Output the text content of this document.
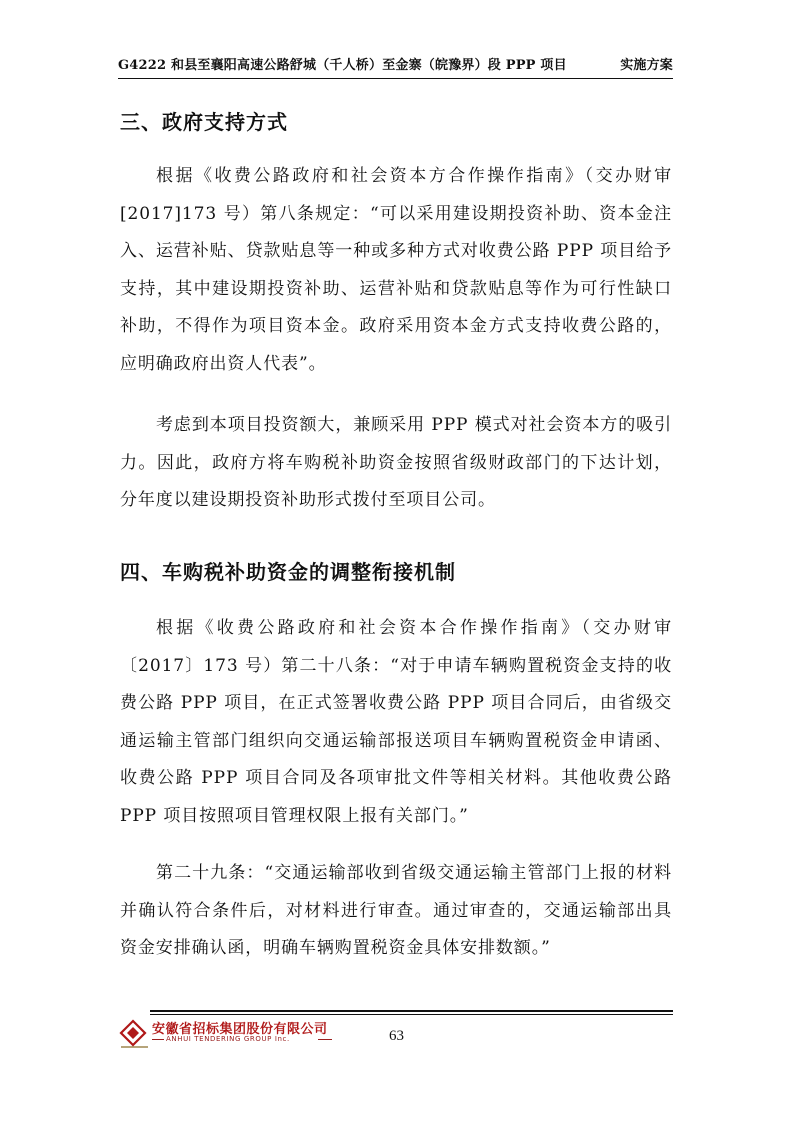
G4222 和县至襄阳高速公路舒城（千人桥）至金寨（皖豫界）段 PPP 项目	实施方案
三、政府支持方式

根据《收费公路政府和社会资本方合作操作指南》（交办财审[2017]173 号）第八条规定：“可以采用建设期投资补助、资本金注入、运营补贴、贷款贴息等一种或多种方式对收费公路 PPP 项目给予支持，其中建设期投资补助、运营补贴和贷款贴息等作为可行性缺口补助，不得作为项目资本金。政府采用资本金方式支持收费公路的，应明确政府出资人代表”。

考虑到本项目投资额大，兼顾采用 PPP 模式对社会资本方的吸引力。因此，政府方将车购税补助资金按照省级财政部门的下达计划，分年度以建设期投资补助形式拨付至项目公司。

四、车购税补助资金的调整衔接机制

根据《收费公路政府和社会资本合作操作指南》（交办财审〔2017〕173 号）第二十八条：“对于申请车辆购置税资金支持的收费公路 PPP 项目，在正式签署收费公路 PPP 项目合同后，由省级交通运输主管部门组织向交通运输部报送项目车辆购置税资金申请函、收费公路 PPP 项目合同及各项审批文件等相关材料。其他收费公路 PPP 项目按照项目管理权限上报有关部门。”

第二十九条：“交通运输部收到省级交通运输主管部门上报的材料并确认符合条件后，对材料进行审查。通过审查的，交通运输部出具资金安排确认函，明确车辆购置税资金具体安排数额。”

安徽省招标集团股份有限公司
ANHUI TENDERING GROUP Inc.	63
